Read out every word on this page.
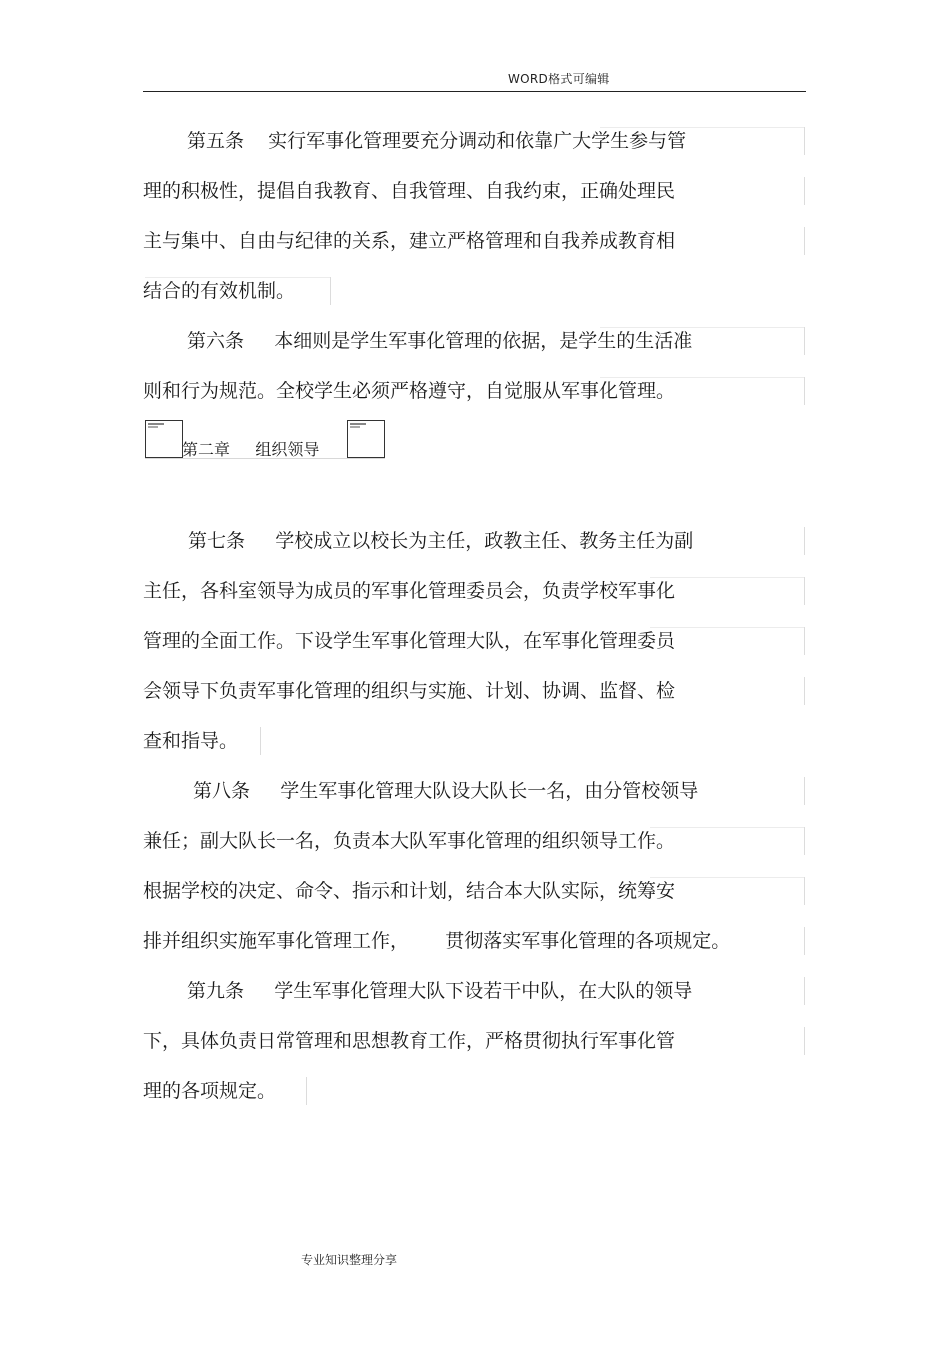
WORD格式可编辑
第五条    实行军事化管理要充分调动和依靠广大学生参与管
理的积极性，提倡自我教育、自我管理、自我约束，正确处理民
主与集中、自由与纪律的关系，建立严格管理和自我养成教育相
结合的有效机制。
第六条     本细则是学生军事化管理的依据，是学生的生活准
则和行为规范。全校学生必须严格遵守，自觉服从军事化管理。
第七条     学校成立以校长为主任，政教主任、教务主任为副
主任，各科室领导为成员的军事化管理委员会，负责学校军事化
管理的全面工作。下设学生军事化管理大队，在军事化管理委员
会领导下负责军事化管理的组织与实施、计划、协调、监督、检
查和指导。
第八条     学生军事化管理大队设大队长一名，由分管校领导
兼任；副大队长一名，负责本大队军事化管理的组织领导工作。
根据学校的决定、命令、指示和计划，结合本大队实际，统筹安
排并组织实施军事化管理工作，      贯彻落实军事化管理的各项规定。
第九条     学生军事化管理大队下设若干中队，在大队的领导
下，具体负责日常管理和思想教育工作，严格贯彻执行军事化管
理的各项规定。
第二章     组织领导
专业知识整理分享
